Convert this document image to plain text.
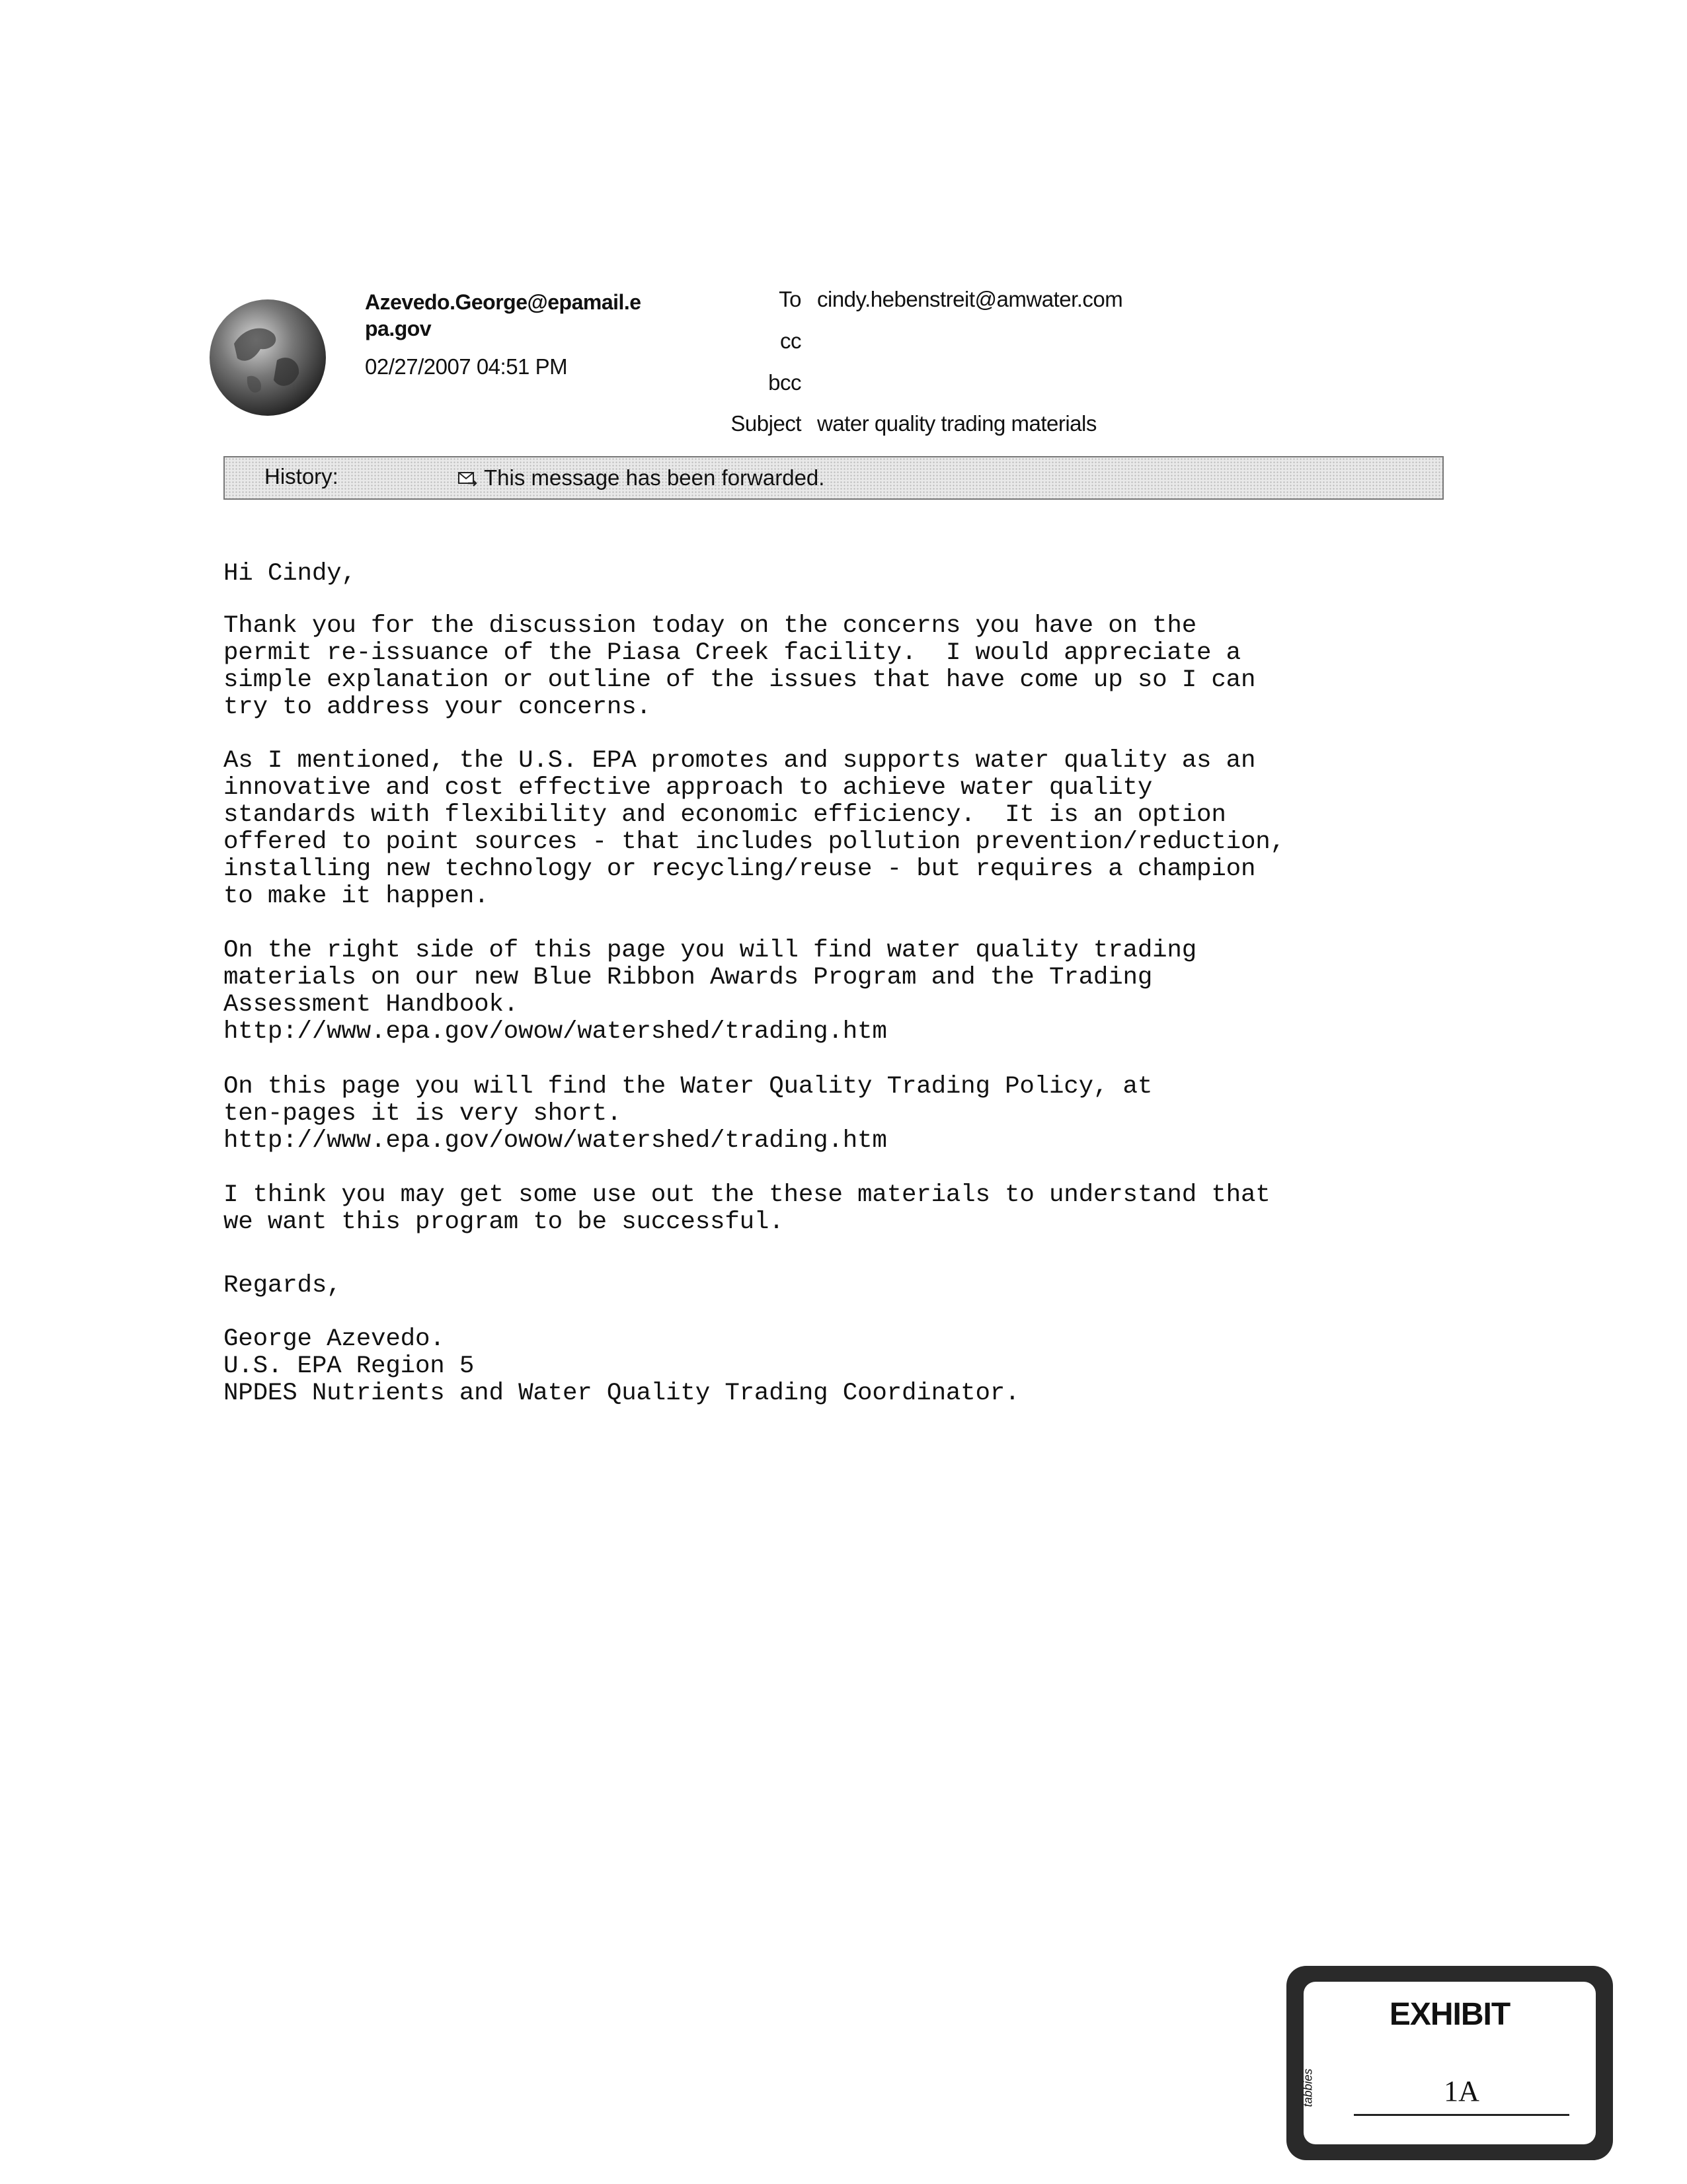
Azevedo.George@epamail.e
pa.gov
02/27/2007 04:51 PM
To cindy.hebenstreit@amwater.com
cc
bcc
Subject water quality trading materials
History:	This message has been forwarded.
Hi Cindy,
Thank you for the discussion today on the concerns you have on the
permit re-issuance of the Piasa Creek facility.  I would appreciate a
simple explanation or outline of the issues that have come up so I can
try to address your concerns.
As I mentioned, the U.S. EPA promotes and supports water quality as an
innovative and cost effective approach to achieve water quality
standards with flexibility and economic efficiency.  It is an option
offered to point sources - that includes pollution prevention/reduction,
installing new technology or recycling/reuse - but requires a champion
to make it happen.
On the right side of this page you will find water quality trading
materials on our new Blue Ribbon Awards Program and the Trading
Assessment Handbook.
http://www.epa.gov/owow/watershed/trading.htm
On this page you will find the Water Quality Trading Policy, at
ten-pages it is very short.
http://www.epa.gov/owow/watershed/trading.htm
I think you may get some use out the these materials to understand that
we want this program to be successful.
Regards,
George Azevedo.
U.S. EPA Region 5
NPDES Nutrients and Water Quality Trading Coordinator.
EXHIBIT
tabbies	1A
